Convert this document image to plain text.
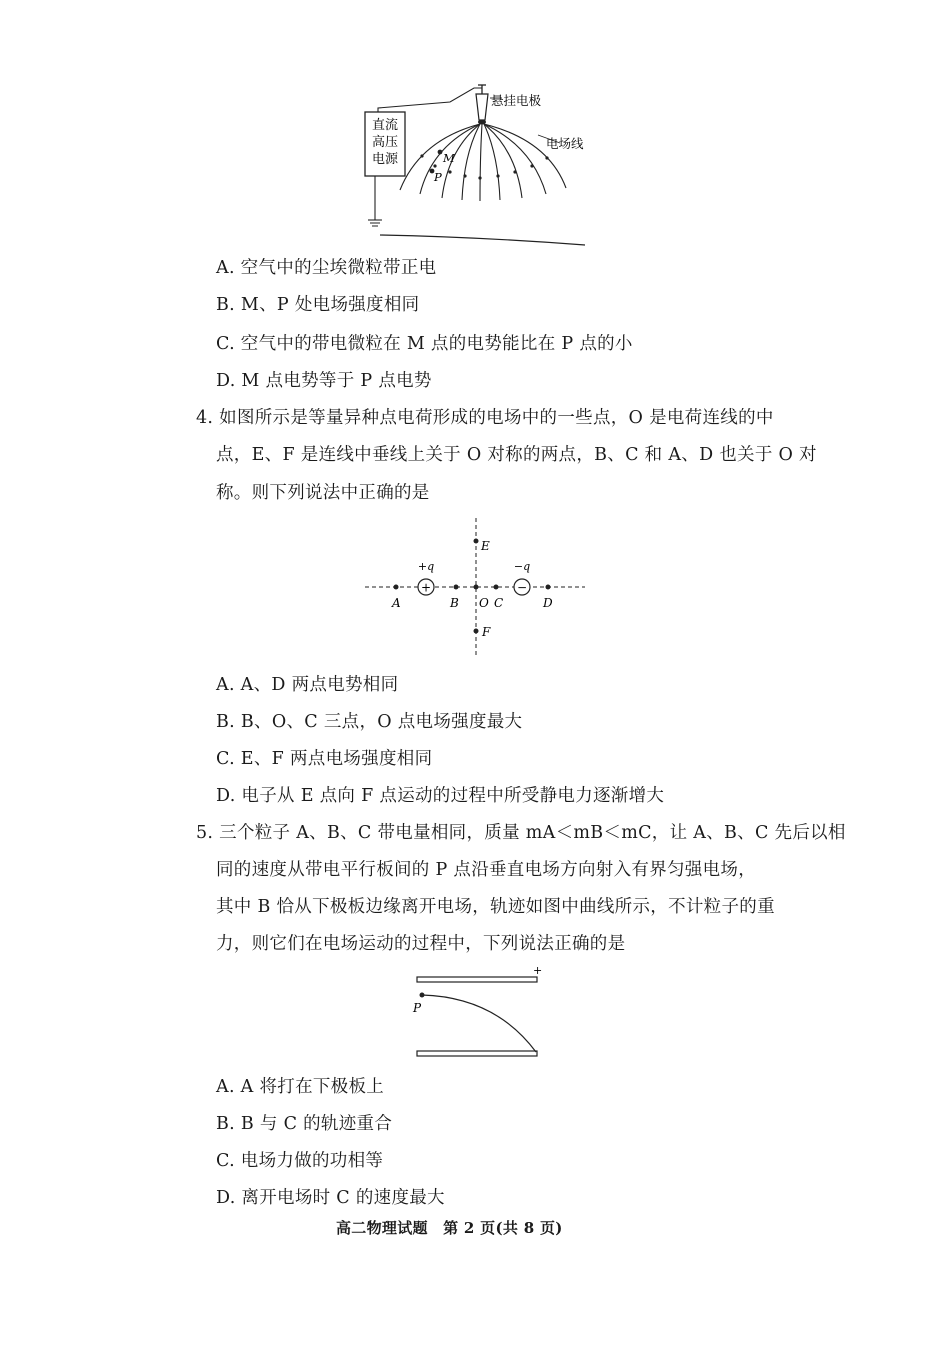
直流
高压
电源
悬挂电极
电场线
M
P
A. 空气中的尘埃微粒带正电
B. M、P 处电场强度相同
C. 空气中的带电微粒在 M 点的电势能比在 P 点的小
D. M 点电势等于 P 点电势
4. 如图所示是等量异种点电荷形成的电场中的一些点，O 是电荷连线的中
点，E、F 是连线中垂线上关于 O 对称的两点，B、C 和 A、D 也关于 O 对
称。则下列说法中正确的是
+
+q
−
−q
A	B O C	D
E
F
A. A、D 两点电势相同
B. B、O、C 三点，O 点电场强度最大
C. E、F 两点电场强度相同
D. 电子从 E 点向 F 点运动的过程中所受静电力逐渐增大
5. 三个粒子 A、B、C 带电量相同，质量 mA＜mB＜mC，让 A、B、C 先后以相
同的速度从带电平行板间的 P 点沿垂直电场方向射入有界匀强电场，
其中 B 恰从下极板边缘离开电场，轨迹如图中曲线所示，不计粒子的重
力，则它们在电场运动的过程中，下列说法正确的是
+
P
A. A 将打在下极板上
B. B 与 C 的轨迹重合
C. 电场力做的功相等
D. 离开电场时 C 的速度最大
高二物理试题　第 2 页(共 8 页)
